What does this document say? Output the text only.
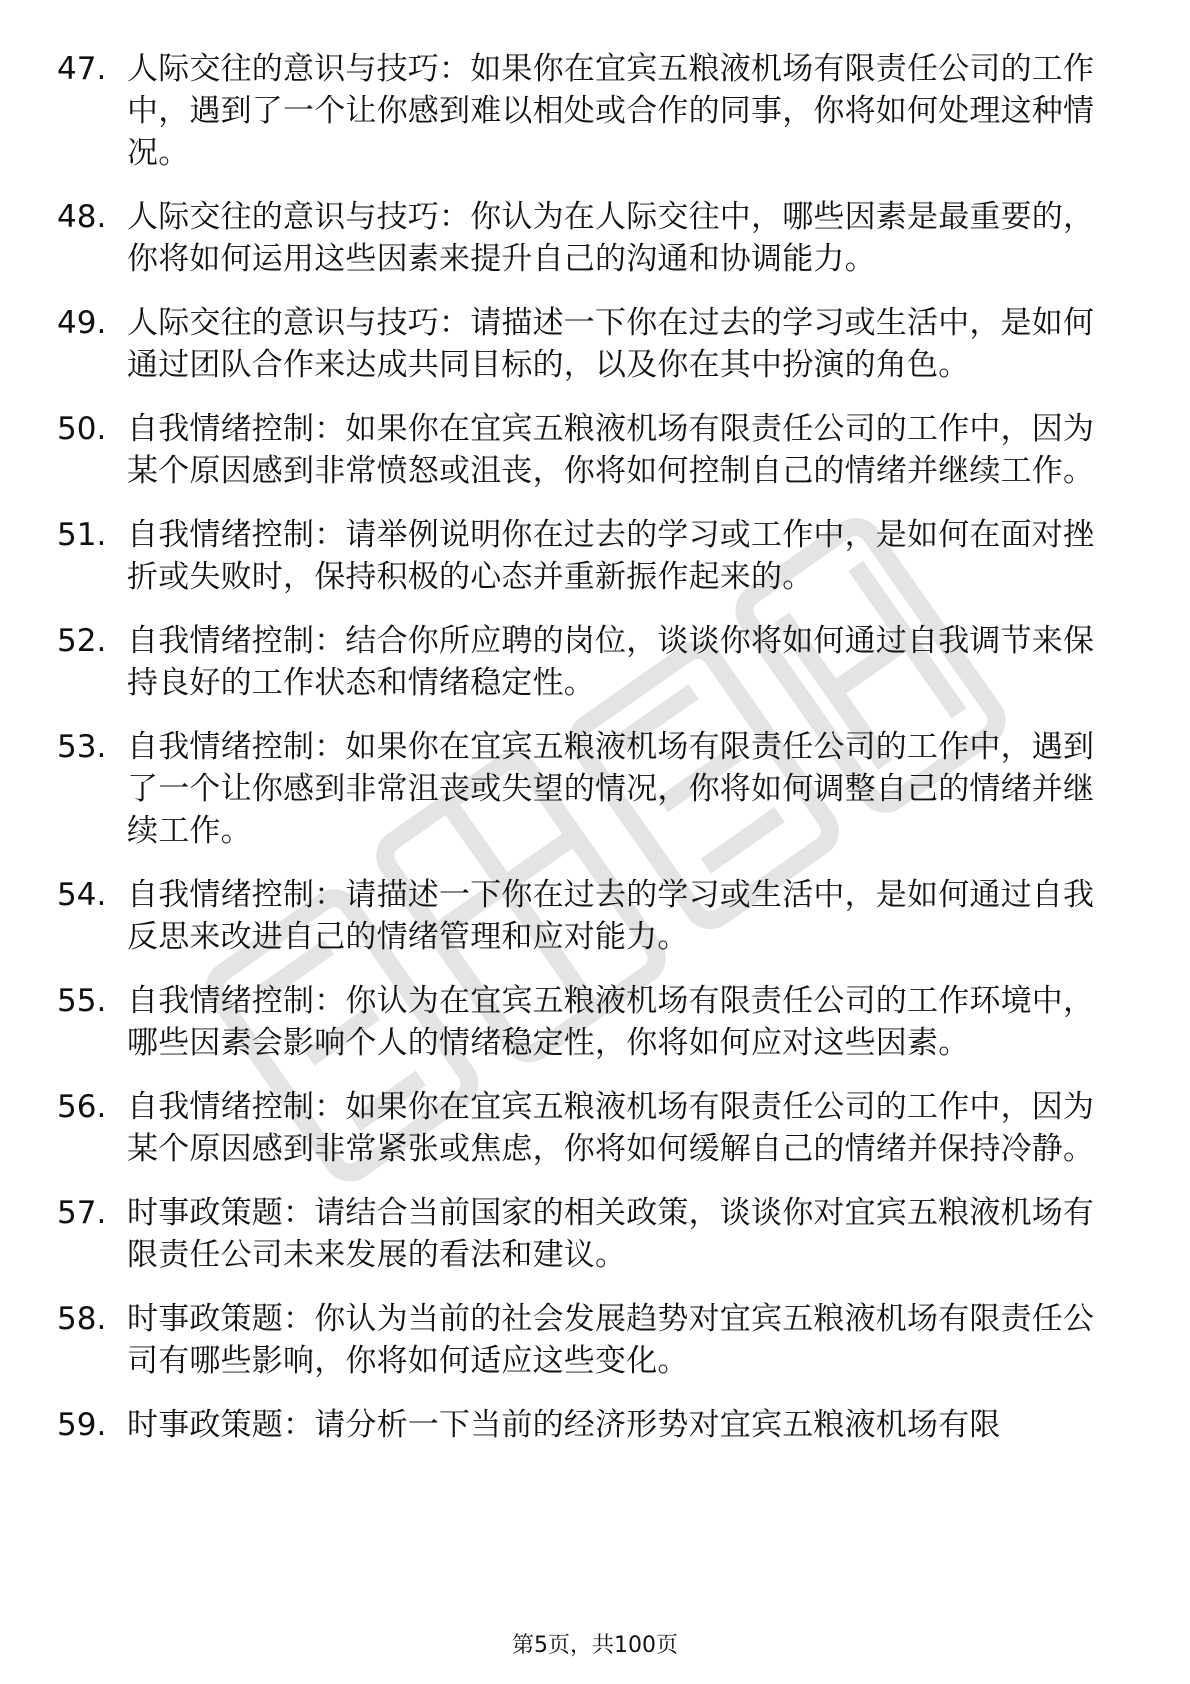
47. 人际交往的意识与技巧：如果你在宜宾五粮液机场有限责任公司的工作中，遇到了一个让你感到难以相处或合作的同事，你将如何处理这种情况。
48. 人际交往的意识与技巧：你认为在人际交往中，哪些因素是最重要的，你将如何运用这些因素来提升自己的沟通和协调能力。
49. 人际交往的意识与技巧：请描述一下你在过去的学习或生活中，是如何通过团队合作来达成共同目标的，以及你在其中扮演的角色。
50. 自我情绪控制：如果你在宜宾五粮液机场有限责任公司的工作中，因为某个原因感到非常愤怒或沮丧，你将如何控制自己的情绪并继续工作。
51. 自我情绪控制：请举例说明你在过去的学习或工作中，是如何在面对挫折或失败时，保持积极的心态并重新振作起来的。
52. 自我情绪控制：结合你所应聘的岗位，谈谈你将如何通过自我调节来保持良好的工作状态和情绪稳定性。
53. 自我情绪控制：如果你在宜宾五粮液机场有限责任公司的工作中，遇到了一个让你感到非常沮丧或失望的情况，你将如何调整自己的情绪并继续工作。
54. 自我情绪控制：请描述一下你在过去的学习或生活中，是如何通过自我反思来改进自己的情绪管理和应对能力。
55. 自我情绪控制：你认为在宜宾五粮液机场有限责任公司的工作环境中，哪些因素会影响个人的情绪稳定性，你将如何应对这些因素。
56. 自我情绪控制：如果你在宜宾五粮液机场有限责任公司的工作中，因为某个原因感到非常紧张或焦虑，你将如何缓解自己的情绪并保持冷静。
57. 时事政策题：请结合当前国家的相关政策，谈谈你对宜宾五粮液机场有限责任公司未来发展的看法和建议。
58. 时事政策题：你认为当前的社会发展趋势对宜宾五粮液机场有限责任公司有哪些影响，你将如何适应这些变化。
59. 时事政策题：请分析一下当前的经济形势对宜宾五粮液机场有限
第5页，共100页
